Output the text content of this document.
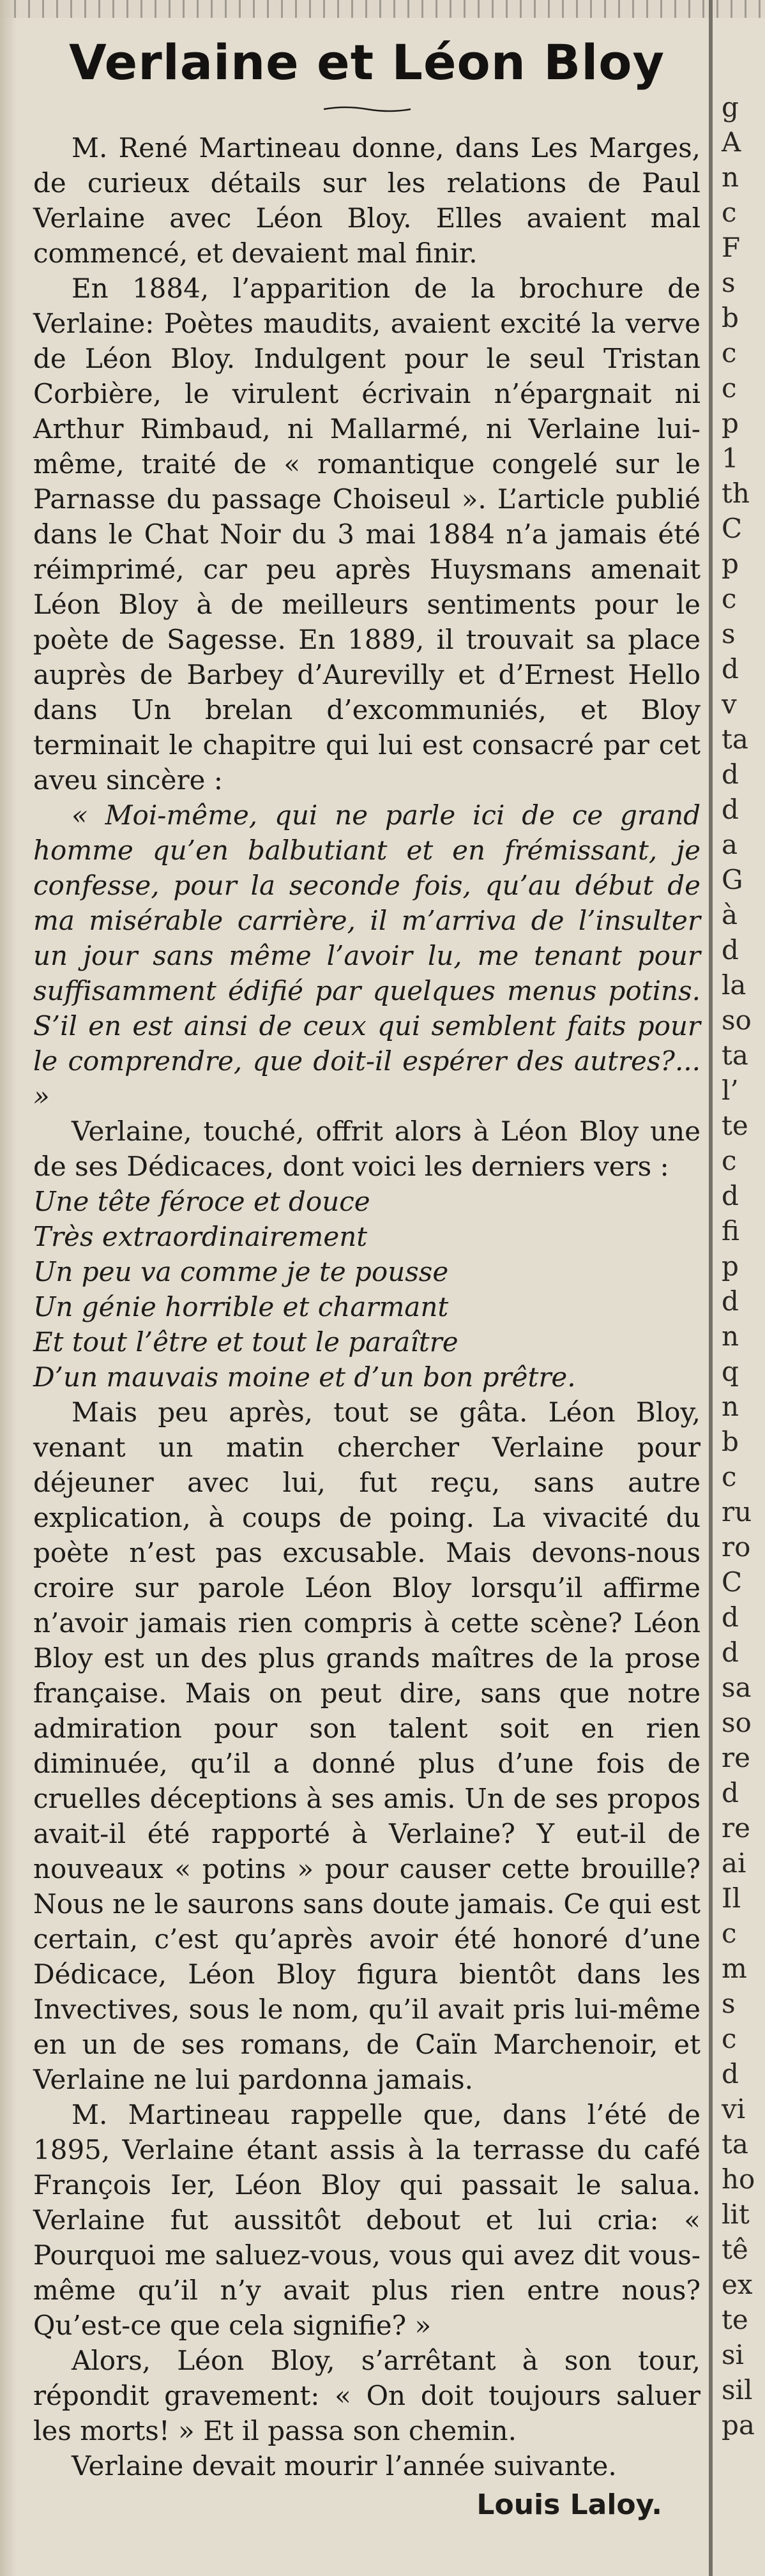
Verlaine et Léon Bloy

M. René Martineau donne, dans Les Marges, de curieux détails sur les relations de Paul Verlaine avec Léon Bloy. Elles avaient mal commencé, et devaient mal finir.

En 1884, l’apparition de la brochure de Verlaine: Poètes maudits, avaient excité la verve de Léon Bloy. Indulgent pour le seul Tristan Corbière, le virulent écrivain n’épargnait ni Arthur Rimbaud, ni Mallarmé, ni Verlaine lui-même, traité de « romantique congelé sur le Parnasse du passage Choiseul ». L’article publié dans le Chat Noir du 3 mai 1884 n’a jamais été réimprimé, car peu après Huysmans amenait Léon Bloy à de meilleurs sentiments pour le poète de Sagesse. En 1889, il trouvait sa place auprès de Barbey d’Aurevilly et d’Ernest Hello dans Un brelan d’excommuniés, et Bloy terminait le chapitre qui lui est consacré par cet aveu sincère :

« Moi-même, qui ne parle ici de ce grand homme qu’en balbutiant et en frémissant, je confesse, pour la seconde fois, qu’au début de ma misérable carrière, il m’arriva de l’insulter un jour sans même l’avoir lu, me tenant pour suffisamment édifié par quelques menus potins. S’il en est ainsi de ceux qui semblent faits pour le comprendre, que doit-il espérer des autres?... »

Verlaine, touché, offrit alors à Léon Bloy une de ses Dédicaces, dont voici les derniers vers :

Une tête féroce et douce
Très extraordinairement
Un peu va comme je te pousse
Un génie horrible et charmant
Et tout l’être et tout le paraître
D’un mauvais moine et d’un bon prêtre.

Mais peu après, tout se gâta. Léon Bloy, venant un matin chercher Verlaine pour déjeuner avec lui, fut reçu, sans autre explication, à coups de poing. La vivacité du poète n’est pas excusable. Mais devons-nous croire sur parole Léon Bloy lorsqu’il affirme n’avoir jamais rien compris à cette scène? Léon Bloy est un des plus grands maîtres de la prose française. Mais on peut dire, sans que notre admiration pour son talent soit en rien diminuée, qu’il a donné plus d’une fois de cruelles déceptions à ses amis. Un de ses propos avait-il été rapporté à Verlaine? Y eut-il de nouveaux « potins » pour causer cette brouille? Nous ne le saurons sans doute jamais. Ce qui est certain, c’est qu’après avoir été honoré d’une Dédicace, Léon Bloy figura bientôt dans les Invectives, sous le nom, qu’il avait pris lui-même en un de ses romans, de Caïn Marchenoir, et Verlaine ne lui pardonna jamais.

M. Martineau rappelle que, dans l’été de 1895, Verlaine étant assis à la terrasse du café François Ier, Léon Bloy qui passait le salua. Verlaine fut aussitôt debout et lui cria: « Pourquoi me saluez-vous, vous qui avez dit vous-même qu’il n’y avait plus rien entre nous? Qu’est-ce que cela signifie? »

Alors, Léon Bloy, s’arrêtant à son tour, répondit gravement: « On doit toujours saluer les morts! » Et il passa son chemin.

Verlaine devait mourir l’année suivante.

Louis Laloy.

g
A
n
c
F
s
b
c
c
p
1
th
C
p
c
s
d
v
ta
d
d
a
G
à
d
la
so
ta
l’
te
c
d
fi
p
d
n
q
n
b
c
ru
ro
C
d
d
sa
so
re
d
re
ai
Il
c
m
s
c
d
vi
ta
ho
lit
tê
ex
te
si
sil
pa
